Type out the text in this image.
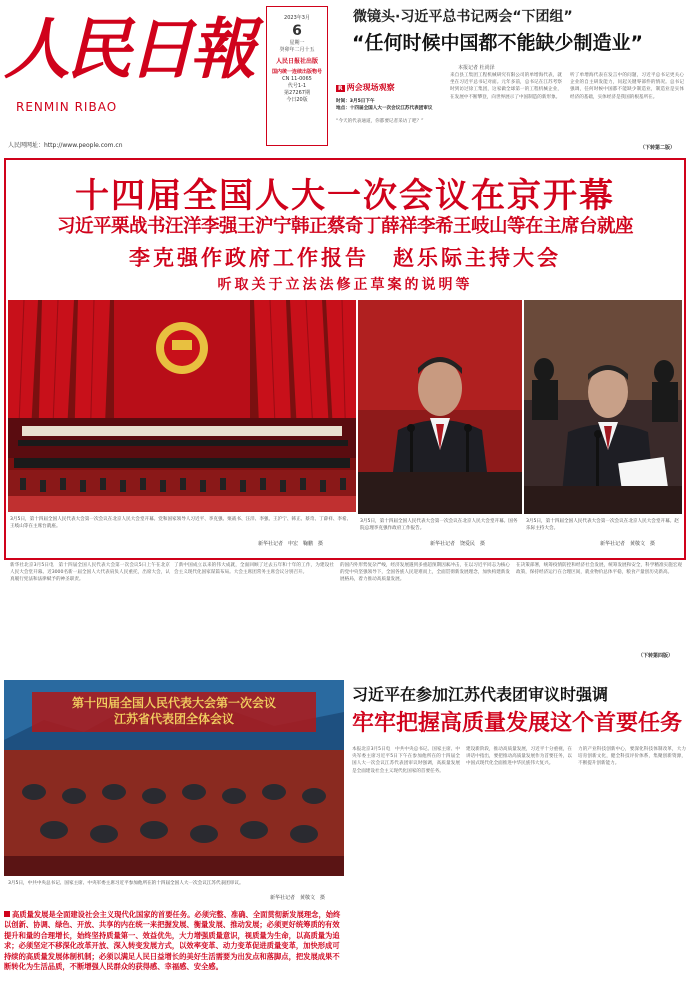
人民日報
RENMIN RIBAO
人民网网址：http://www.people.com.cn
2023年3月
6
星期一
癸卯年二月十五
人民日报社出版
国内统一连续出版物号
CN 11-0065
代号1-1
第27267期
今日20版
微镜头·习近平总书记两会“下团组”
“任何时候中国都不能缺少制造业”
本报记者 杜尚泽
R 两会现场观察
时间：3月5日下午
地点：十四届全国人大一次会议江苏代表团审议
“今天的代表通道，你都要记者采访了吧？”
来自县工集团工程机械研究有限公司的单增海代表，就坐在习近平总书记对面。元年多前，总书记在江苏考察时到访过徐工集团，这家做全球第一的工程机械企业，在发展中不断攀登，向世界展示了中国制造的新形象。
听了单增海代表在发言中的问题，习近平总书记更关心企业的自主研发能力，问起关键零部件的情况。总书记强调，任何时候中国都不能缺少制造业，制造业是实体经济的基础，实体经济是我国的根基所在。
（下转第二版）
十四届全国人大一次会议在京开幕
习近平栗战书汪洋李强王沪宁韩正蔡奇丁薛祥李希王岐山等在主席台就座
李克强作政府工作报告　赵乐际主持大会
听取关于立法法修正草案的说明等
3月5日，第十四届全国人民代表大会第一次会议在北京人民大会堂开幕。党和国家领导人习近平、李克强、栗战书、汪洋、李强、王沪宁、韩正、蔡奇、丁薛祥、李希、王岐山等在主席台就座。
新华社记者　申宏　鞠鹏　摄
3月5日，第十四届全国人民代表大会第一次会议在北京人民大会堂开幕。国务院总理李克强作政府工作报告。
新华社记者　饶爱民　摄
3月5日，第十四届全国人民代表大会第一次会议在北京人民大会堂开幕。赵乐际主持大会。
新华社记者　黄敬文　摄
新华社北京3月5日电　第十四届全国人民代表大会第一次会议5日上午在北京人民大会堂开幕。近3000名新一届全国人大代表肩负人民重托，出席大会，认真履行宪法和法律赋予的神圣职责。
了新中国成立以来的伟大成就，全面回顾了过去五年和十年的工作，为建设社会主义现代化国家谋篇布局。大会主席团常务主席会议分别召开。
的国内外形势复杂严峻，经济发展遇到多重超预期因素冲击，在以习近平同志为核心的党中央坚强领导下，全国各族人民迎难而上，全面贯彻新发展理念，加快构建新发展格局，着力推动高质量发展。
在决策部署，统筹疫情防控和经济社会发展，统筹发展和安全，科学精准实施宏观政策，保持经济运行在合理区间，就业物价总体平稳，粮食产量创历史新高。
（下转第四版）
第十四届全国人民代表大会第一次会议
江苏省代表团全体会议
3月5日，中共中央总书记、国家主席、中央军委主席习近平参加他所在的十四届全国人大一次会议江苏代表团审议。
新华社记者　黄敬文　摄
习近平在参加江苏代表团审议时强调
牢牢把握高质量发展这个首要任务
本报北京3月5日电　中共中央总书记、国家主席、中央军委主席习近平5日下午在参加他所在的十四届全国人大一次会议江苏代表团审议时强调，高质量发展是全面建设社会主义现代化国家的首要任务。
建设新阶段，推动高质量发展，习近平十分重视，在讲话中指出，要把推动高质量发展作为首要任务，以中国式现代化全面推进中华民族伟大复兴。
力的产业科技创新中心，要深化科技体制改革，大力培育创新文化，健全科技评价体系，集聚创新资源，不断提升创新能力。
高质量发展是全面建设社会主义现代化国家的首要任务。必须完整、准确、全面贯彻新发展理念，始终以创新、协调、绿色、开放、共享的内在统一来把握发展、衡量发展、推动发展；必须更好统筹质的有效提升和量的合理增长，始终坚持质量第一、效益优先，大力增强质量意识，视质量为生命，以高质量为追求；必须坚定不移深化改革开放、深入转变发展方式，以效率变革、动力变革促进质量变革，加快形成可持续的高质量发展体制机制；必须以满足人民日益增长的美好生活需要为出发点和落脚点，把发展成果不断转化为生活品质，不断增强人民群众的获得感、幸福感、安全感。
